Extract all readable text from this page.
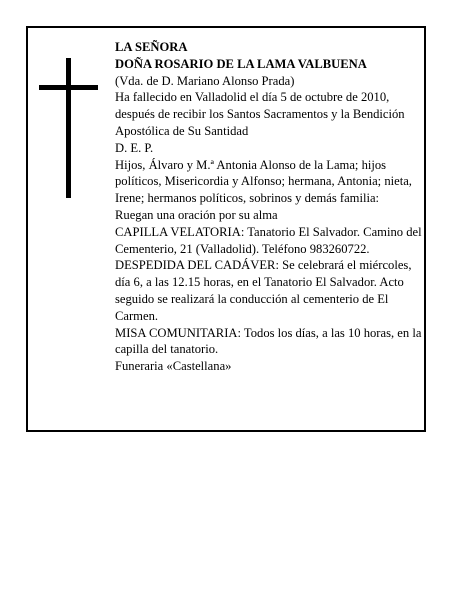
LA SEÑORA

DOÑA ROSARIO DE LA LAMA VALBUENA

(Vda. de D. Mariano Alonso Prada)

Ha fallecido en Valladolid el día 5 de octubre de 2010, después de recibir los Santos Sacramentos y la Bendición Apostólica de Su Santidad

D. E. P.

Hijos, Álvaro y M.ª Antonia Alonso de la Lama; hijos políticos, Misericordia y Alfonso; hermana, Antonia; nieta, Irene; hermanos políticos, sobrinos y demás familia:

Ruegan una oración por su alma

CAPILLA VELATORIA: Tanatorio El Salvador. Camino del Cementerio, 21 (Valladolid). Teléfono 983260722.

DESPEDIDA DEL CADÁVER: Se celebrará el miércoles, día 6, a las 12.15 horas, en el Tanatorio El Salvador. Acto seguido se realizará la conducción al cementerio de El Carmen.

MISA COMUNITARIA: Todos los días, a las 10 horas, en la capilla del tanatorio.

Funeraria «Castellana»
